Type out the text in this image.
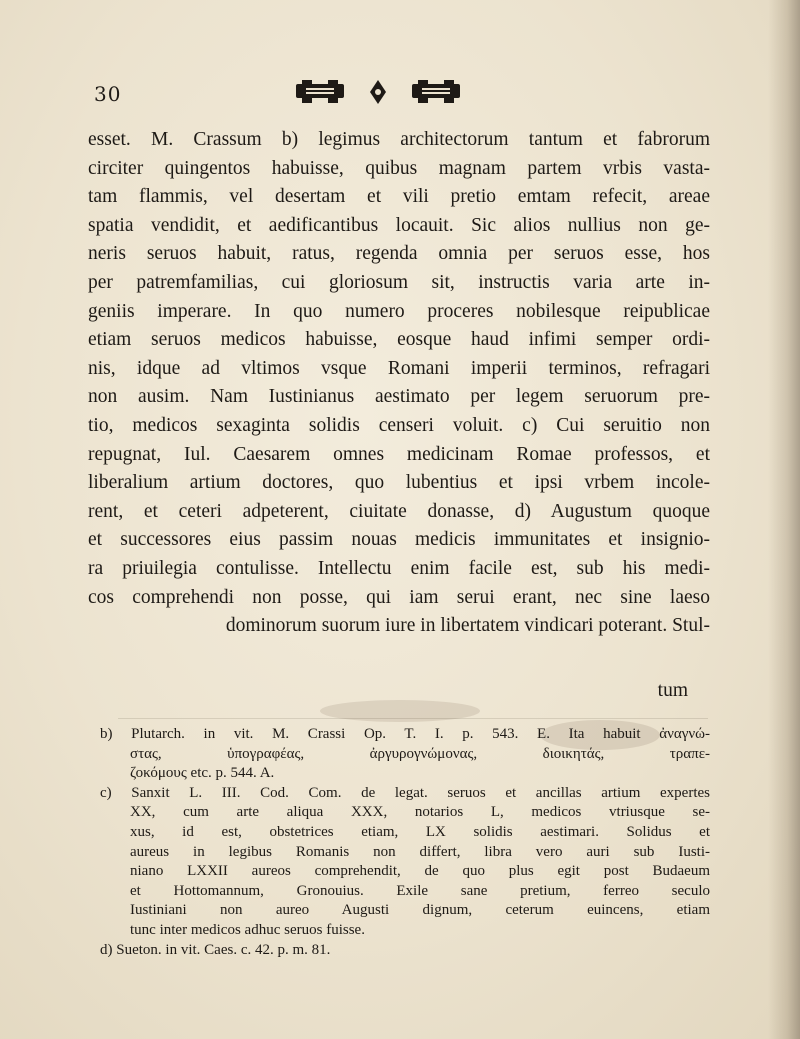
30
esset. M. Crassum b) legimus architectorum tantum et fabrorum
circiter quingentos habuisse, quibus magnam partem vrbis vasta-
tam flammis, vel desertam et vili pretio emtam refecit, areae
spatia vendidit, et aedificantibus locauit. Sic alios nullius non ge-
neris seruos habuit, ratus, regenda omnia per seruos esse, hos
per patremfamilias, cui gloriosum sit, instructis varia arte in-
geniis imperare. In quo numero proceres nobilesque reipublicae
etiam seruos medicos habuisse, eosque haud infimi semper ordi-
nis, idque ad vltimos vsque Romani imperii terminos, refragari
non ausim. Nam Iustinianus aestimato per legem seruorum pre-
tio, medicos sexaginta solidis censeri voluit. c) Cui seruitio non
repugnat, Iul. Caesarem omnes medicinam Romae professos, et
liberalium artium doctores, quo lubentius et ipsi vrbem incole-
rent, et ceteri adpeterent, ciuitate donasse, d) Augustum quoque
et successores eius passim nouas medicis immunitates et insignio-
ra priuilegia contulisse. Intellectu enim facile est, sub his medi-
cos comprehendi non posse, qui iam serui erant, nec sine laeso
dominorum suorum iure in libertatem vindicari poterant. Stul-
tum
b) Plutarch. in vit. M. Crassi Op. T. I. p. 543. E. Ita habuit ἀναγνώ-
στας, ὑπογραφέας, ἀργυρογνώμονας, διοικητάς, τραπε-
ζοκόμους etc. p. 544. A.
c) Sanxit L. III. Cod. Com. de legat. seruos et ancillas artium expertes
XX, cum arte aliqua XXX, notarios L, medicos vtriusque se-
xus, id est, obstetrices etiam, LX solidis aestimari. Solidus et
aureus in legibus Romanis non differt, libra vero auri sub Iusti-
niano LXXII aureos comprehendit, de quo plus egit post Budaeum
et Hottomannum, Gronouius. Exile sane pretium, ferreo seculo
Iustiniani non aureo Augusti dignum, ceterum euincens, etiam
tunc inter medicos adhuc seruos fuisse.
d) Sueton. in vit. Caes. c. 42. p. m. 81.
